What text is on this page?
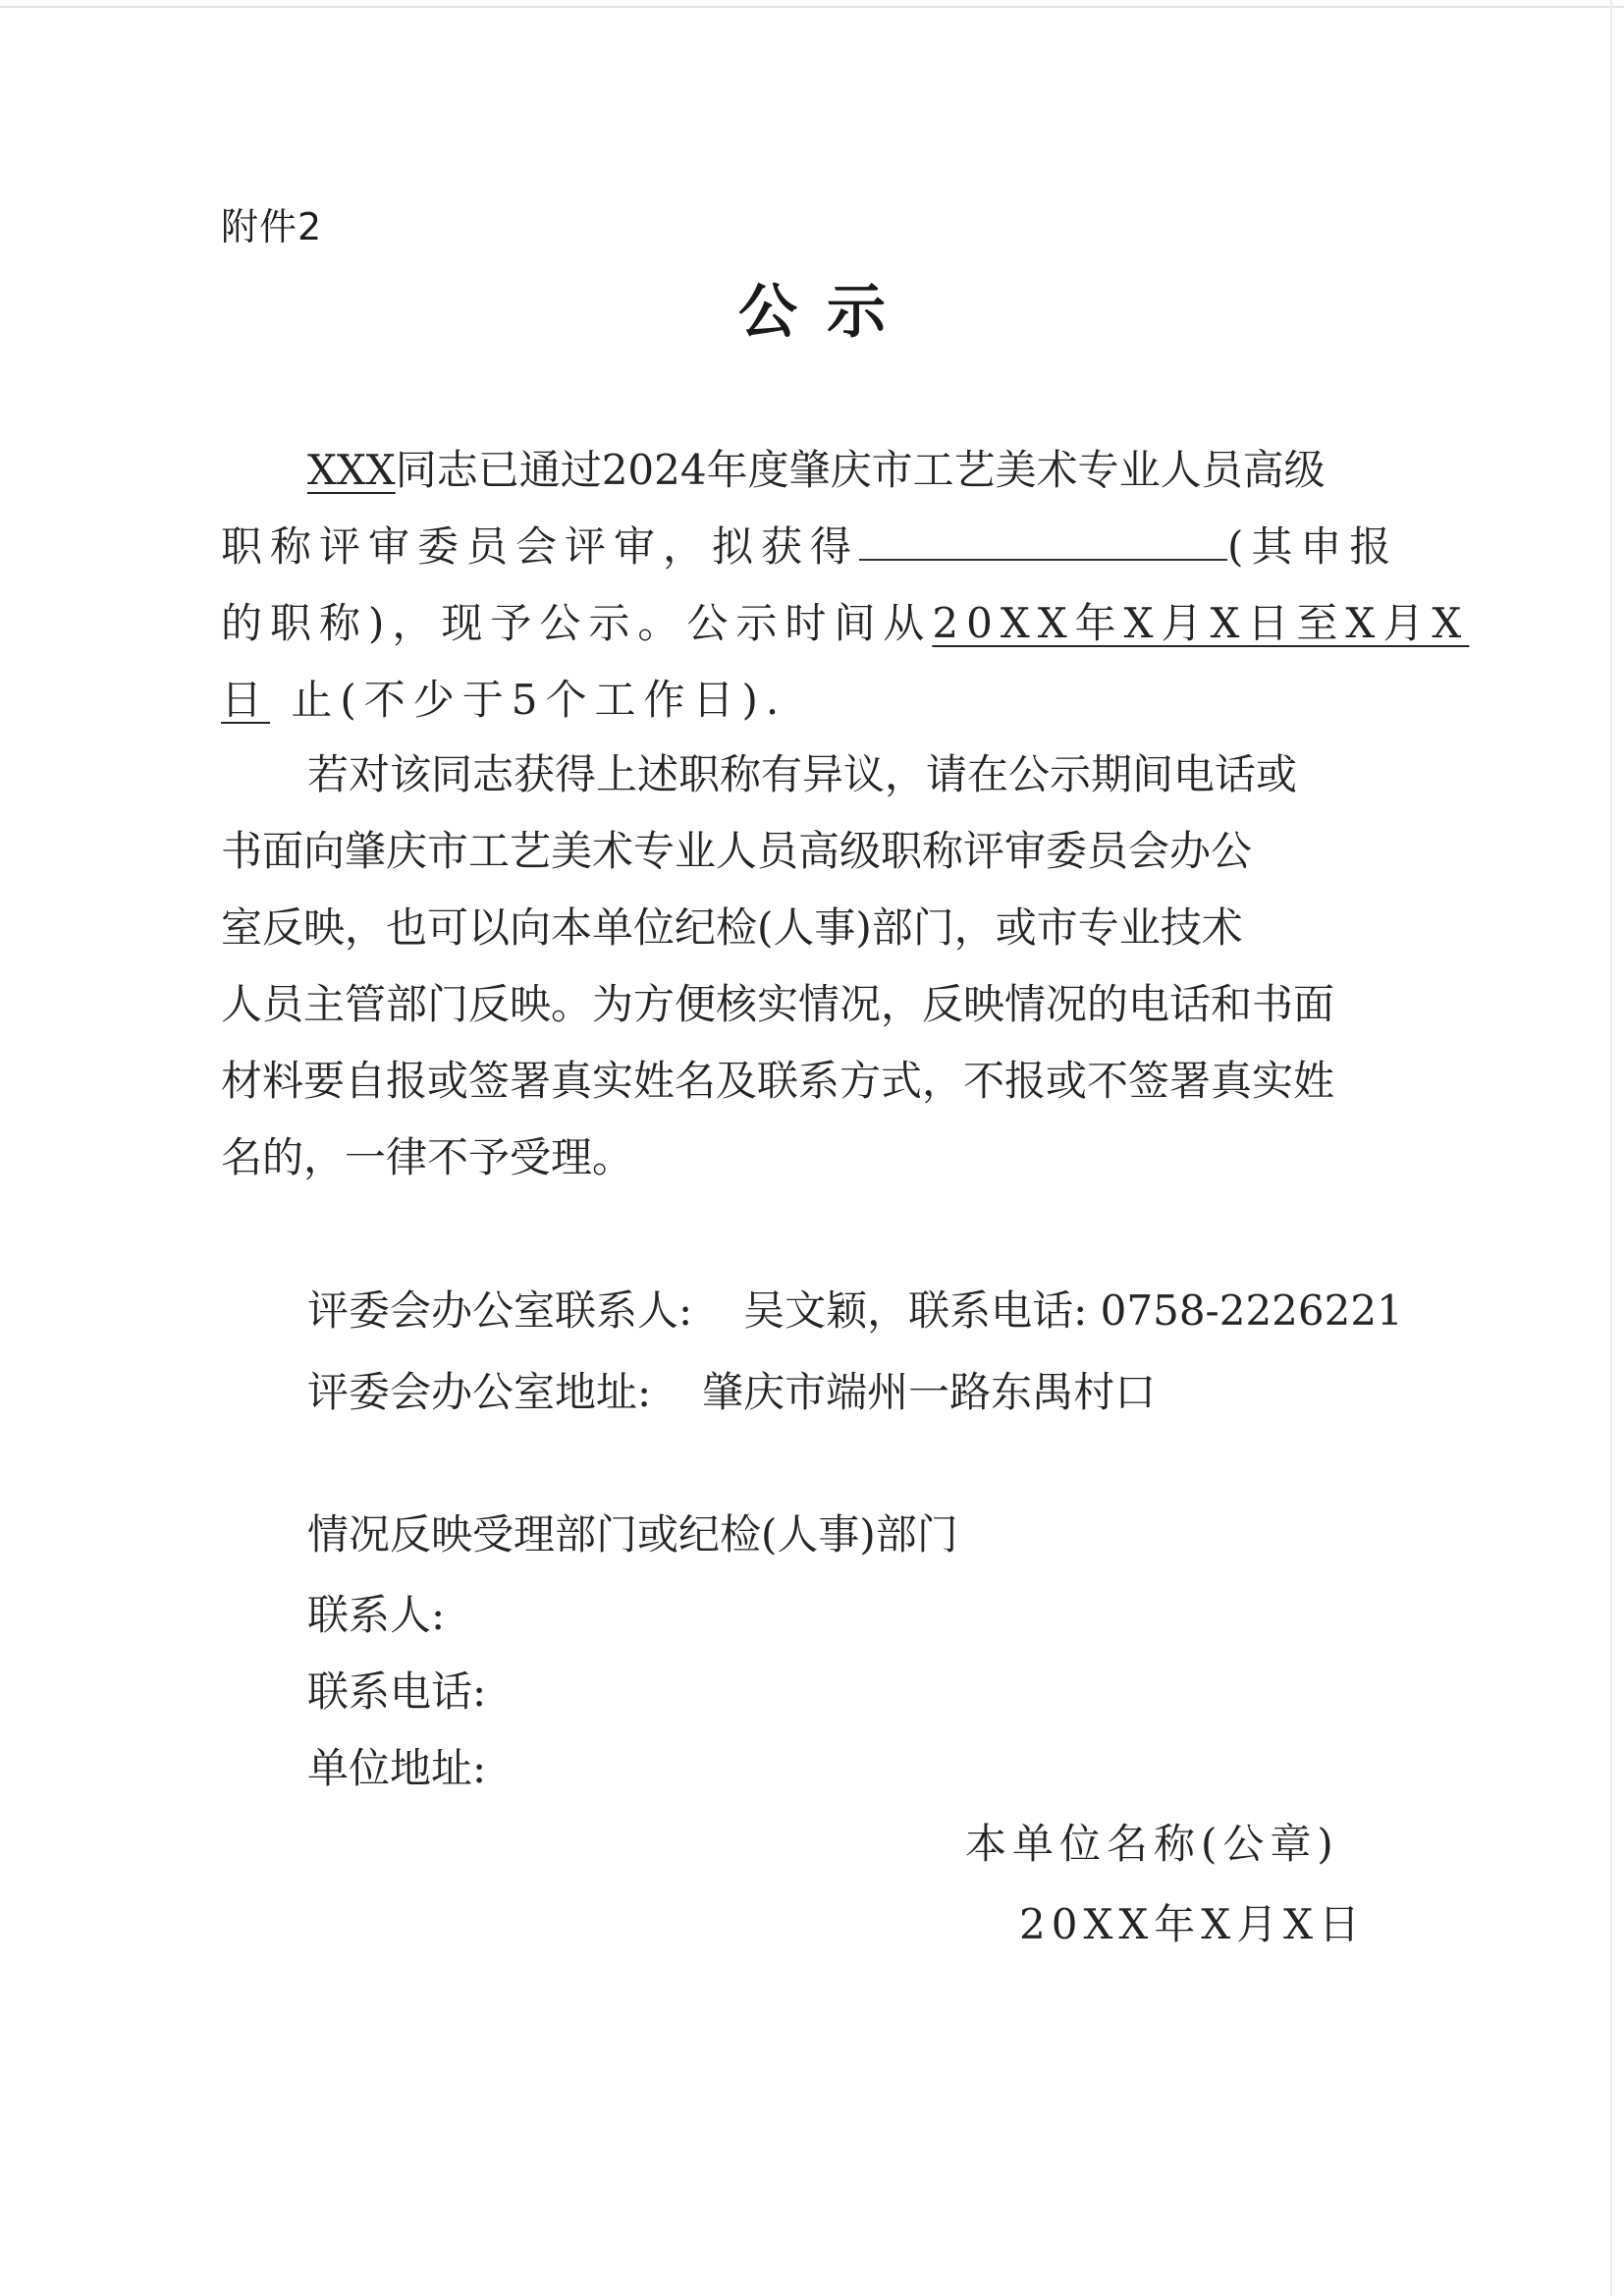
附件2
公示
XXX同志已通过2024年度肇庆市工艺美术专业人员高级
职称评审委员会评审，拟获得	(其申报
的职称)，现予公示。公示时间从20XX年X月X日至X月X
日 止(不少于5个工作日).
若对该同志获得上述职称有异议，请在公示期间电话或
书面向肇庆市工艺美术专业人员高级职称评审委员会办公
室反映，也可以向本单位纪检(人事)部门，或市专业技术
人员主管部门反映。为方便核实情况，反映情况的电话和书面
材料要自报或签署真实姓名及联系方式，不报或不签署真实姓
名的，一律不予受理。
评委会办公室联系人: 吴文颖，联系电话: 0758-2226221
评委会办公室地址: 肇庆市端州一路东禺村口
情况反映受理部门或纪检(人事)部门
联系人:
联系电话:
单位地址:
本单位名称(公章)
20XX年X月X日
